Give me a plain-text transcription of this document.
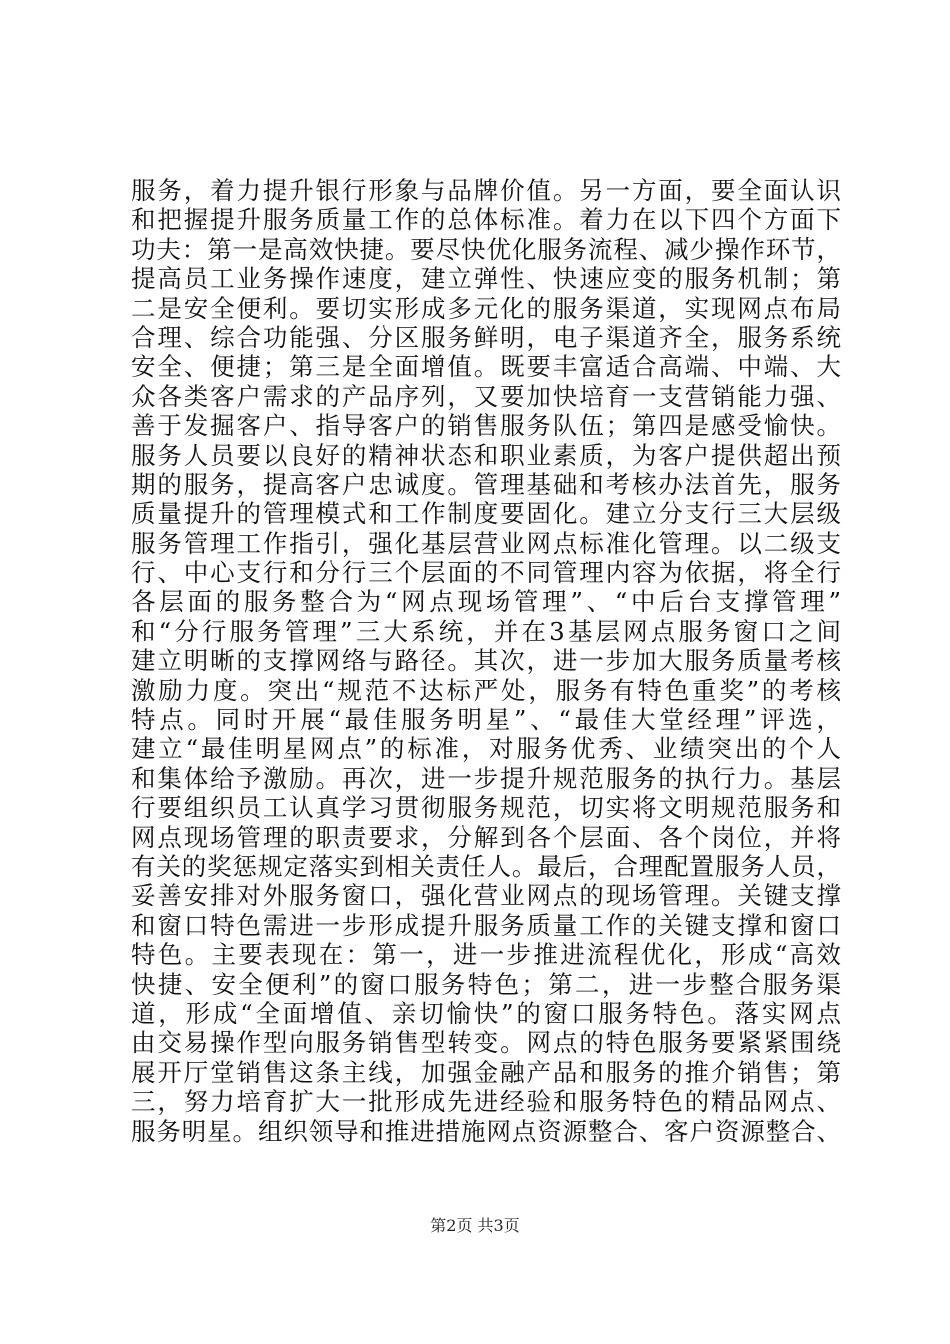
服务，着力提升银行形象与品牌价值。另一方面，要全面认识
和把握提升服务质量工作的总体标准。着力在以下四个方面下
功夫：第一是高效快捷。要尽快优化服务流程、减少操作环节，
提高员工业务操作速度，建立弹性、快速应变的服务机制；第
二是安全便利。要切实形成多元化的服务渠道，实现网点布局
合理、综合功能强、分区服务鲜明，电子渠道齐全，服务系统
安全、便捷；第三是全面增值。既要丰富适合高端、中端、大
众各类客户需求的产品序列，又要加快培育一支营销能力强、
善于发掘客户、指导客户的销售服务队伍；第四是感受愉快。
服务人员要以良好的精神状态和职业素质，为客户提供超出预
期的服务，提高客户忠诚度。管理基础和考核办法首先，服务
质量提升的管理模式和工作制度要固化。建立分支行三大层级
服务管理工作指引，强化基层营业网点标准化管理。以二级支
行、中心支行和分行三个层面的不同管理内容为依据，将全行
各层面的服务整合为“网点现场管理”、“中后台支撑管理”
和“分行服务管理”三大系统，并在3基层网点服务窗口之间
建立明晰的支撑网络与路径。其次，进一步加大服务质量考核
激励力度。突出“规范不达标严处，服务有特色重奖”的考核
特点。同时开展“最佳服务明星”、“最佳大堂经理”评选，
建立“最佳明星网点”的标准，对服务优秀、业绩突出的个人
和集体给予激励。再次，进一步提升规范服务的执行力。基层
行要组织员工认真学习贯彻服务规范，切实将文明规范服务和
网点现场管理的职责要求，分解到各个层面、各个岗位，并将
有关的奖惩规定落实到相关责任人。最后，合理配置服务人员，
妥善安排对外服务窗口，强化营业网点的现场管理。关键支撑
和窗口特色需进一步形成提升服务质量工作的关键支撑和窗口
特色。主要表现在：第一，进一步推进流程优化，形成“高效
快捷、安全便利”的窗口服务特色；第二，进一步整合服务渠
道，形成“全面增值、亲切愉快”的窗口服务特色。落实网点
由交易操作型向服务销售型转变。网点的特色服务要紧紧围绕
展开厅堂销售这条主线，加强金融产品和服务的推介销售；第
三，努力培育扩大一批形成先进经验和服务特色的精品网点、
服务明星。组织领导和推进措施网点资源整合、客户资源整合、
第2页 共3页
